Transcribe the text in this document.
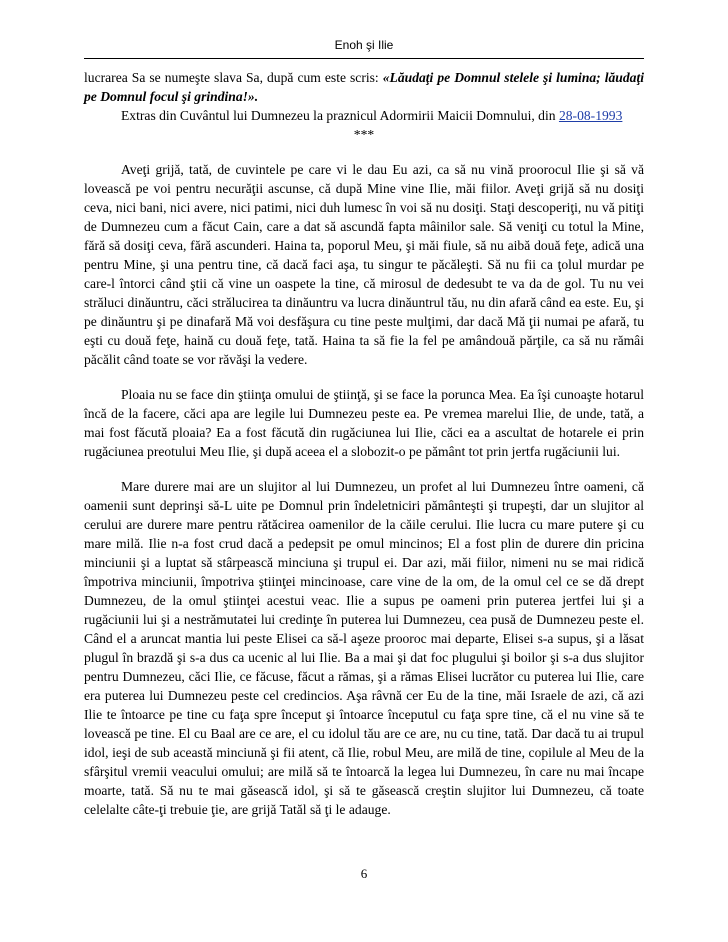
Enoh şi Ilie

lucrarea Sa se numeşte slava Sa, după cum este scris: «Lăudaţi pe Domnul stelele şi lumina; lăudaţi pe Domnul focul şi grindina!».

Extras din Cuvântul lui Dumnezeu la praznicul Adormirii Maicii Domnului, din 28-08-1993

***

Aveţi grijă, tată, de cuvintele pe care vi le dau Eu azi, ca să nu vină proorocul Ilie şi să vă lovească pe voi pentru necurăţii ascunse, că după Mine vine Ilie, măi fiilor. Aveţi grijă să nu dosiţi ceva, nici bani, nici avere, nici patimi, nici duh lumesc în voi să nu dosiţi. Staţi descoperiţi, nu vă pitiţi de Dumnezeu cum a făcut Cain, care a dat să ascundă fapta mâinilor sale. Să veniţi cu totul la Mine, fără să dosiţi ceva, fără ascunderi. Haina ta, poporul Meu, şi măi fiule, să nu aibă două feţe, adică una pentru Mine, şi una pentru tine, că dacă faci aşa, tu singur te păcăleşti. Să nu fii ca ţolul murdar pe care-l întorci când ştii că vine un oaspete la tine, că mirosul de dedesubt te va da de gol. Tu nu vei străluci dinăuntru, căci strălucirea ta dinăuntru va lucra dinăuntrul tău, nu din afară când ea este. Eu, şi pe dinăuntru şi pe dinafară Mă voi desfăşura cu tine peste mulţimi, dar dacă Mă ţii numai pe afară, tu eşti cu două feţe, haină cu două feţe, tată. Haina ta să fie la fel pe amândouă părţile, ca să nu rămâi păcălit când toate se vor răvăşi la vedere.

Ploaia nu se face din ştiinţa omului de ştiinţă, şi se face la porunca Mea. Ea îşi cunoaşte hotarul încă de la facere, căci apa are legile lui Dumnezeu peste ea. Pe vremea marelui Ilie, de unde, tată, a mai fost făcută ploaia? Ea a fost făcută din rugăciunea lui Ilie, căci ea a ascultat de hotarele ei prin rugăciunea preotului Meu Ilie, şi după aceea el a slobozit-o pe pământ tot prin jertfa rugăciunii lui.

Mare durere mai are un slujitor al lui Dumnezeu, un profet al lui Dumnezeu între oameni, că oamenii sunt deprinşi să-L uite pe Domnul prin îndeletniciri pământeşti şi trupeşti, dar un slujitor al cerului are durere mare pentru rătăcirea oamenilor de la căile cerului. Ilie lucra cu mare putere şi cu mare milă. Ilie n-a fost crud dacă a pedepsit pe omul mincinos; El a fost plin de durere din pricina minciunii şi a luptat să stârpească minciuna şi trupul ei. Dar azi, măi fiilor, nimeni nu se mai ridică împotriva minciunii, împotriva ştiinţei mincinoase, care vine de la om, de la omul cel ce se dă drept Dumnezeu, de la omul ştiinţei acestui veac. Ilie a supus pe oameni prin puterea jertfei lui şi a rugăciunii lui şi a nestrămutatei lui credinţe în puterea lui Dumnezeu, cea pusă de Dumnezeu peste el. Când el a aruncat mantia lui peste Elisei ca să-l aşeze prooroc mai departe, Elisei s-a supus, şi a lăsat plugul în brazdă şi s-a dus ca ucenic al lui Ilie. Ba a mai şi dat foc plugului şi boilor şi s-a dus slujitor pentru Dumnezeu, căci Ilie, ce făcuse, făcut a rămas, şi a rămas Elisei lucrător cu puterea lui Ilie, care era puterea lui Dumnezeu peste cel credincios. Aşa râvnă cer Eu de la tine, măi Israele de azi, că azi Ilie te întoarce pe tine cu faţa spre început şi întoarce începutul cu faţa spre tine, că el nu vine să te lovească pe tine. El cu Baal are ce are, el cu idolul tău are ce are, nu cu tine, tată. Dar dacă tu ai trupul idol, ieşi de sub această minciună şi fii atent, că Ilie, robul Meu, are milă de tine, copilule al Meu de la sfârşitul vremii veacului omului; are milă să te întoarcă la legea lui Dumnezeu, în care nu mai încape moarte, tată. Să nu te mai găsească idol, şi să te găsească creştin slujitor lui Dumnezeu, că toate celelalte câte-ţi trebuie ţie, are grijă Tatăl să ţi le adauge.

6
